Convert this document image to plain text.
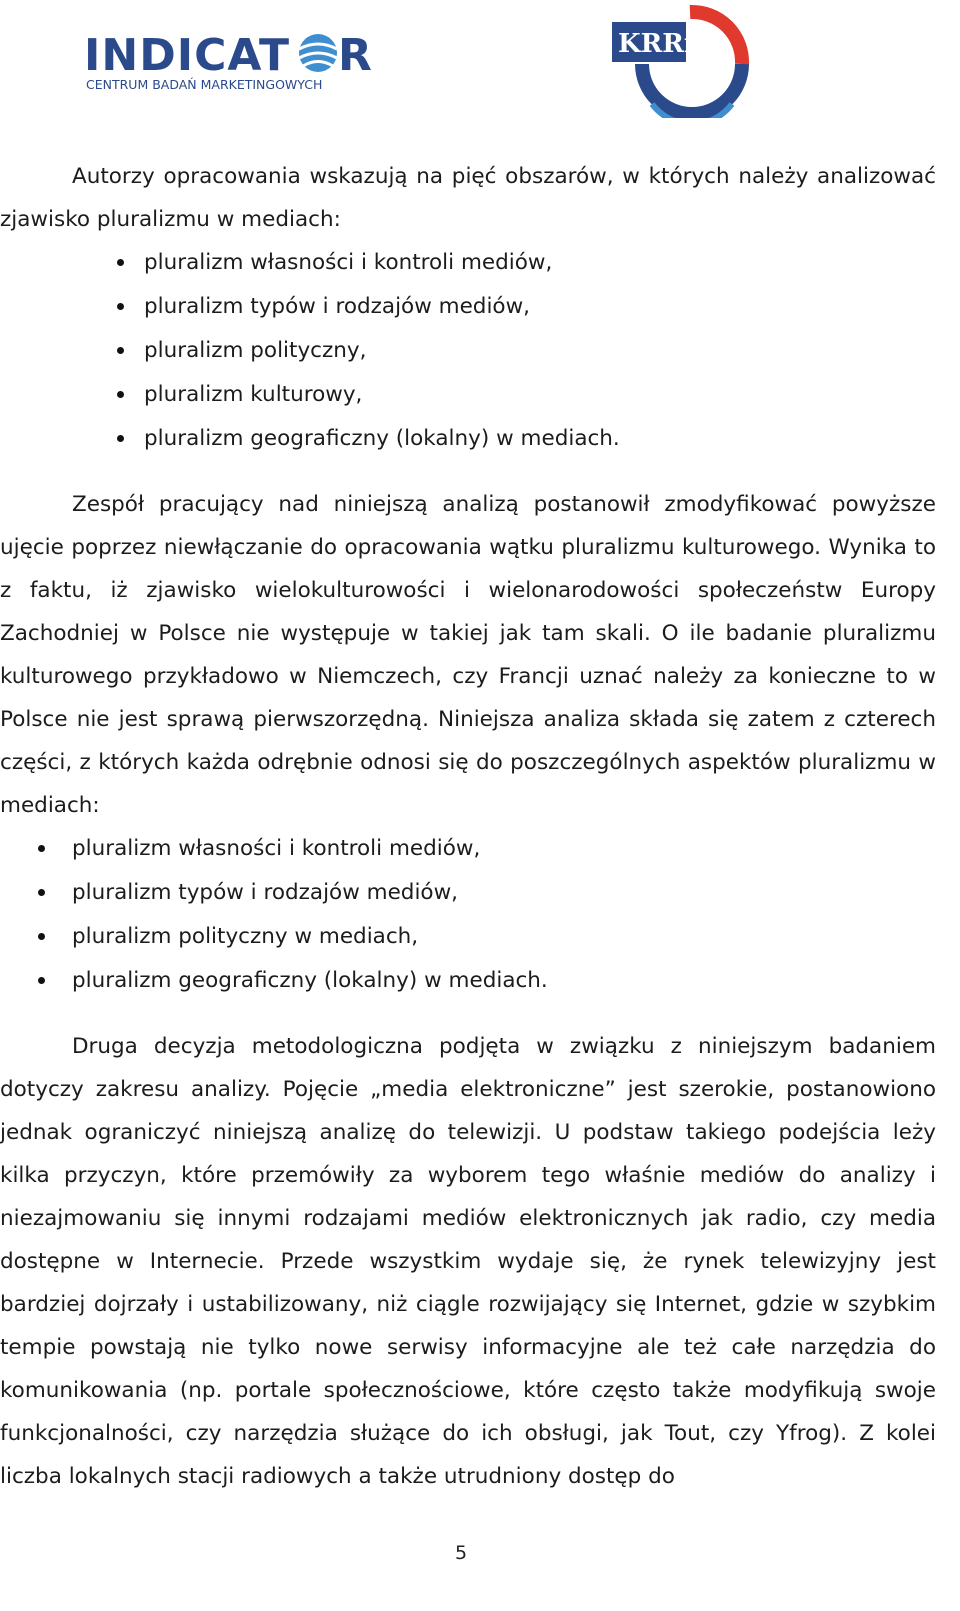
INDICAT R
CENTRUM BADAŃ MARKETINGOWYCH
KRRiT

Autorzy opracowania wskazują na pięć obszarów, w których należy analizować zjawisko pluralizmu w mediach:

pluralizm własności i kontroli mediów,
pluralizm typów i rodzajów mediów,
pluralizm polityczny,
pluralizm kulturowy,
pluralizm geograficzny (lokalny) w mediach.

Zespół pracujący nad niniejszą analizą postanowił zmodyfikować powyższe ujęcie poprzez niewłączanie do opracowania wątku pluralizmu kulturowego. Wynika to z faktu, iż zjawisko wielokulturowości i wielonarodowości społeczeństw Europy Zachodniej w Polsce nie występuje w takiej jak tam skali. O ile badanie pluralizmu kulturowego przykładowo w Niemczech, czy Francji uznać należy za konieczne to w Polsce nie jest sprawą pierwszorzędną. Niniejsza analiza składa się zatem z czterech części, z których każda odrębnie odnosi się do poszczególnych aspektów pluralizmu w mediach:

pluralizm własności i kontroli mediów,
pluralizm typów i rodzajów mediów,
pluralizm polityczny w mediach,
pluralizm geograficzny (lokalny) w mediach.

Druga decyzja metodologiczna podjęta w związku z niniejszym badaniem dotyczy zakresu analizy. Pojęcie „media elektroniczne” jest szerokie, postanowiono jednak ograniczyć niniejszą analizę do telewizji. U podstaw takiego podejścia leży kilka przyczyn, które przemówiły za wyborem tego właśnie mediów do analizy i niezajmowaniu się innymi rodzajami mediów elektronicznych jak radio, czy media dostępne w Internecie. Przede wszystkim wydaje się, że rynek telewizyjny jest bardziej dojrzały i ustabilizowany, niż ciągle rozwijający się Internet, gdzie w szybkim tempie powstają nie tylko nowe serwisy informacyjne ale też całe narzędzia do komunikowania (np. portale społecznościowe, które często także modyfikują swoje funkcjonalności, czy narzędzia służące do ich obsługi, jak Tout, czy Yfrog). Z kolei liczba lokalnych stacji radiowych a także utrudniony dostęp do

5
